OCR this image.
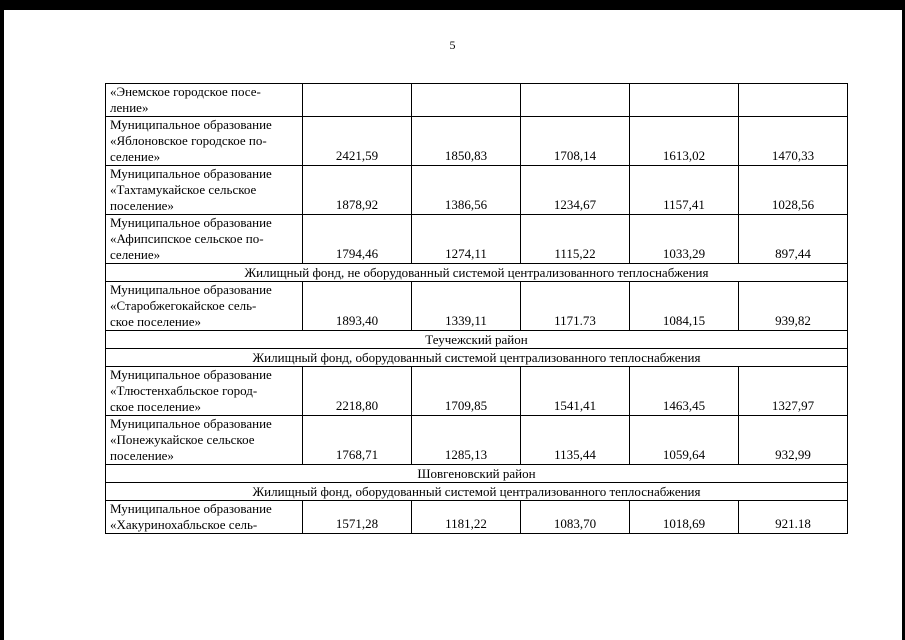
5
«Энемское городское посе-
ление»					

Муниципальное образование
«Яблоновское городское по-
селение»	2421,59	1850,83	1708,14	1613,02	1470,33

Муниципальное образование
«Тахтамукайское сельское
поселение»	1878,92	1386,56	1234,67	1157,41	1028,56

Муниципальное образование
«Афипсипское сельское по-
селение»	1794,46	1274,11	1115,22	1033,29	897,44
Жилищный фонд, не оборудованный системой централизованного теплоснабжения					

Муниципальное образование
«Старобжегокайское сель-
ское поселение»	1893,40	1339,11	1171.73	1084,15	939,82
Теучежский район					
Жилищный фонд, оборудованный системой централизованного теплоснабжения					

Муниципальное образование
«Тлюстенхабльское город-
ское поселение»	2218,80	1709,85	1541,41	1463,45	1327,97

Муниципальное образование
«Понежукайское сельское
поселение»	1768,71	1285,13	1135,44	1059,64	932,99
Шовгеновский район					
Жилищный фонд, оборудованный системой централизованного теплоснабжения					

Муниципальное образование
«Хакуринохабльское сель-	1571,28	1181,22	1083,70	1018,69	921.18
